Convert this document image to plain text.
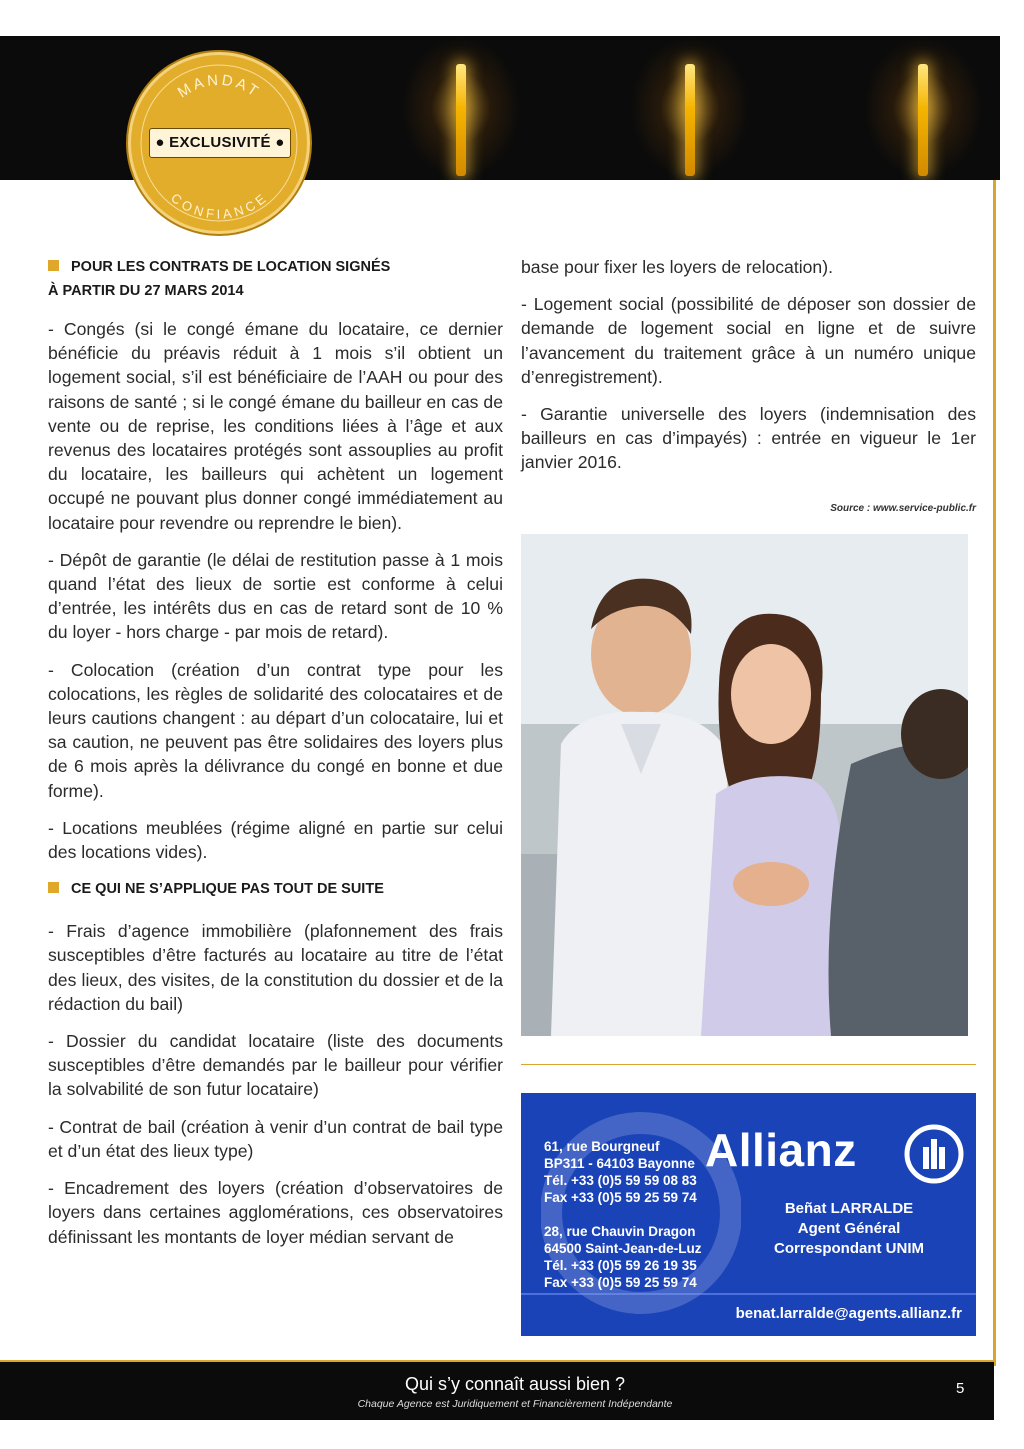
MANDAT
CONFIANCE
● EXCLUSIVITÉ ●
POUR LES CONTRATS DE LOCATION SIGNÉS
À PARTIR DU 27 MARS 2014

- Congés (si le congé émane du locataire, ce dernier bénéficie du préavis réduit à 1 mois s’il obtient un logement social, s’il est bénéficiaire de l’AAH ou pour des raisons de santé ; si le congé émane du bailleur en cas de vente ou de reprise, les conditions liées à l’âge et aux revenus des locataires protégés sont assouplies au profit du locataire, les bailleurs qui achètent un logement occupé ne pouvant plus donner congé immédiatement au locataire pour revendre ou reprendre le bien).

- Dépôt de garantie (le délai de restitution passe à 1 mois quand l’état des lieux de sortie est conforme à celui d’entrée, les intérêts dus en cas de retard sont de 10 % du loyer - hors charge - par mois de retard).

- Colocation (création d’un contrat type pour les colocations, les règles de solidarité des colocataires et de leurs cautions changent : au départ d’un colocataire, lui et sa caution, ne peuvent pas être solidaires des loyers plus de 6 mois après la délivrance du congé en bonne et due forme).

- Locations meublées (régime aligné en partie sur celui des locations vides).

CE QUI NE S’APPLIQUE PAS TOUT DE SUITE

- Frais d’agence immobilière (plafonnement des frais susceptibles d’être facturés au locataire au titre de l’état des lieux, des visites, de la constitution du dossier et de la rédaction du bail)

- Dossier du candidat locataire (liste des documents susceptibles d’être demandés par le bailleur pour vérifier la solvabilité de son futur locataire)

- Contrat de bail (création à venir d’un contrat de bail type et d’un état des lieux type)

- Encadrement des loyers (création d’observatoires de loyers dans certaines agglomérations, ces observatoires définissant les montants de loyer médian servant de

base pour fixer les loyers de relocation).

- Logement social (possibilité de déposer son dossier de demande de logement social en ligne et de suivre l’avancement du traitement grâce à un numéro unique d’enregistrement).

- Garantie universelle des loyers (indemnisation des bailleurs en cas d’impayés) : entrée en vigueur le 1er janvier 2016.

Source : www.service-public.fr
61, rue Bourgneuf
BP311 - 64103 Bayonne
Tél. +33 (0)5 59 59 08 83
Fax +33 (0)5 59 25 59 74
28, rue Chauvin Dragon
64500 Saint-Jean-de-Luz
Tél. +33 (0)5 59 26 19 35
Fax +33 (0)5 59 25 59 74
Allianz
Beñat LARRALDE
Agent Général
Correspondant UNIM
benat.larralde@agents.allianz.fr
Qui s’y connaît aussi bien ?
Chaque Agence est Juridiquement et Financièrement Indépendante
5
